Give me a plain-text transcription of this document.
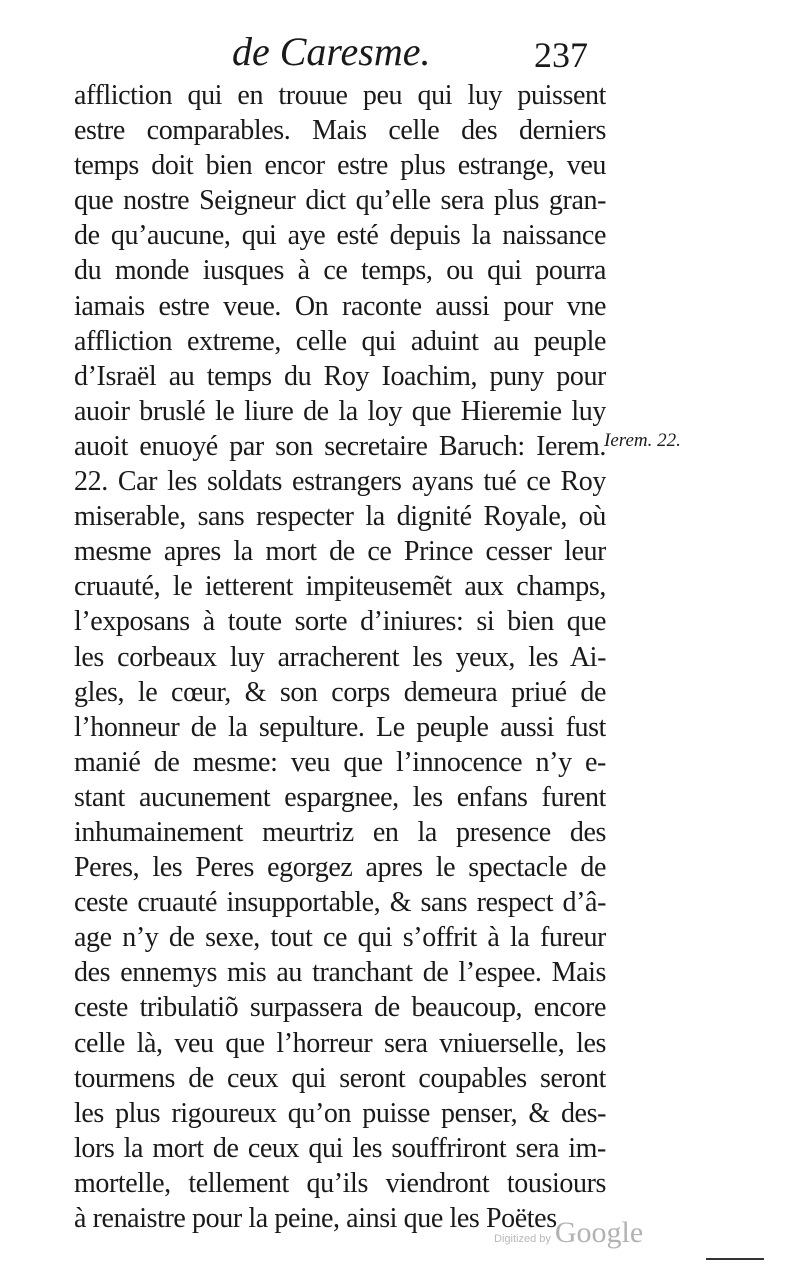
de Caresme.	237
affliction qui en trouue peu qui luy puissent
estre comparables. Mais celle des derniers
temps doit bien encor estre plus estrange, veu
que nostre Seigneur dict qu’elle sera plus gran-
de qu’aucune, qui aye esté depuis la naissance
du monde iusques à ce temps, ou qui pourra
iamais estre veue. On raconte aussi pour vne
affliction extreme, celle qui aduint au peuple
d’Israël au temps du Roy Ioachim, puny pour
auoir bruslé le liure de la loy que Hieremie luy
auoit enuoyé par son secretaire Baruch: Ierem.
22. Car les soldats estrangers ayans tué ce Roy
miserable, sans respecter la dignité Royale, où
mesme apres la mort de ce Prince cesser leur
cruauté, le ietterent impiteusemẽt aux champs,
l’exposans à toute sorte d’iniures: si bien que
les corbeaux luy arracherent les yeux, les Ai-
gles, le cœur, & son corps demeura priué de
l’honneur de la sepulture. Le peuple aussi fust
manié de mesme: veu que l’innocence n’y e-
stant aucunement espargnee, les enfans furent
inhumainement meurtriz en la presence des
Peres, les Peres egorgez apres le spectacle de
ceste cruauté insupportable, & sans respect d’â-
age n’y de sexe, tout ce qui s’offrit à la fureur
des ennemys mis au tranchant de l’espee. Mais
ceste tribulatiõ surpassera de beaucoup, encore
celle là, veu que l’horreur sera vniuerselle, les
tourmens de ceux qui seront coupables seront
les plus rigoureux qu’on puisse penser, & des-
lors la mort de ceux qui les souffriront sera im-
mortelle, tellement qu’ils viendront tousiours
à renaistre pour la peine, ainsi que les Poëtes
Ierem. 22.
Digitized by Google
